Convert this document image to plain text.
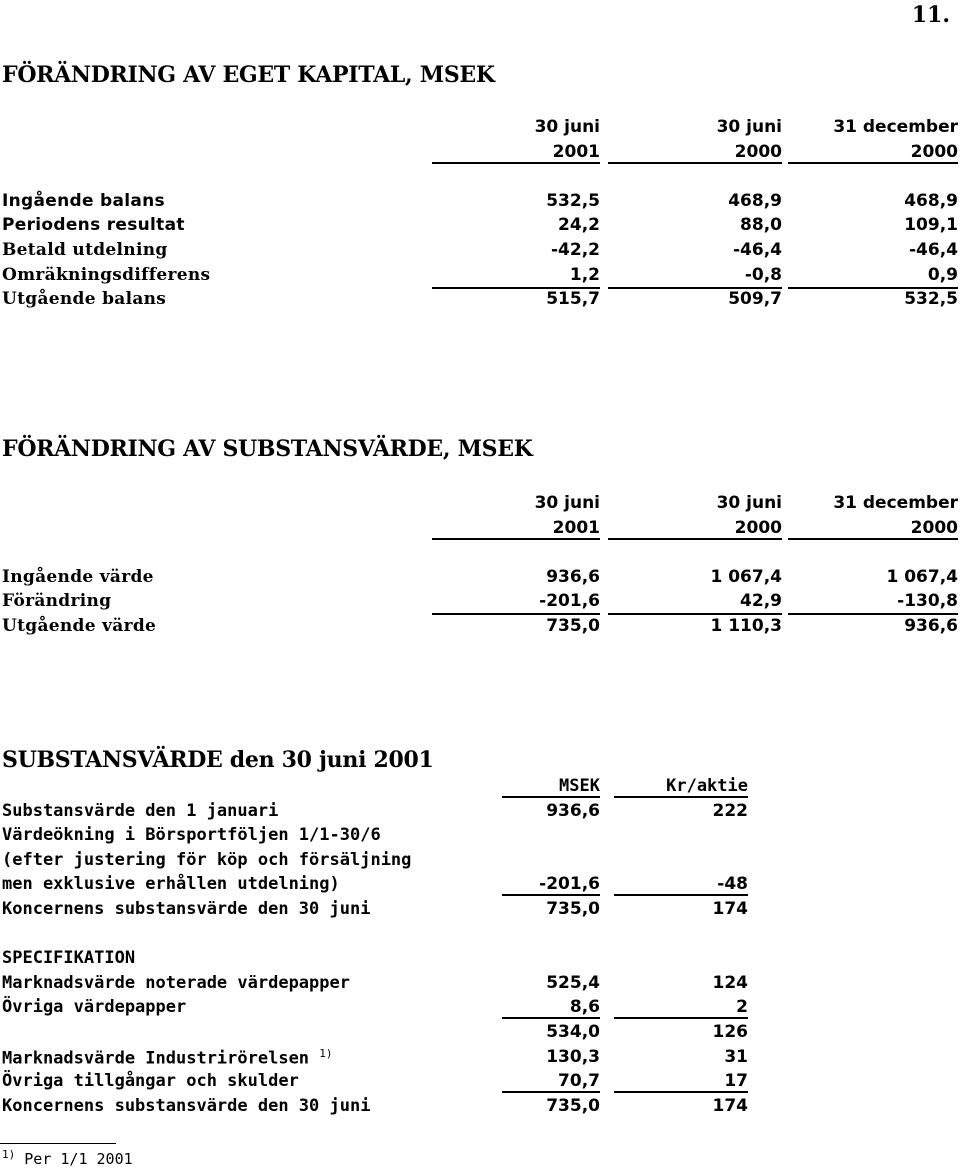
11.
FÖRÄNDRING AV EGET KAPITAL, MSEK
30 juni	30 juni	31 december
2001	2000	2000
Ingående balans	532,5	468,9	468,9
Periodens resultat	24,2	88,0	109,1
Betald utdelning	-42,2	-46,4	-46,4
Omräkningsdifferens	1,2	-0,8	0,9
Utgående balans	515,7	509,7	532,5
FÖRÄNDRING AV SUBSTANSVÄRDE, MSEK
30 juni	30 juni	31 december
2001	2000	2000
Ingående värde	936,6	1 067,4	1 067,4
Förändring	-201,6	42,9	-130,8
Utgående värde	735,0	1 110,3	936,6
SUBSTANSVÄRDE den 30 juni 2001
MSEK	Kr/aktie
Substansvärde den 1 januari	936,6	222
Värdeökning i Börsportföljen 1/1-30/6
(efter justering för köp och försäljning
men exklusive erhållen utdelning)	-201,6	-48
Koncernens substansvärde den 30 juni	735,0	174
SPECIFIKATION
Marknadsvärde noterade värdepapper	525,4	124
Övriga värdepapper	8,6	2
534,0	126
Marknadsvärde Industrirörelsen $^{1)}$	130,3	31
Övriga tillgångar och skulder	70,7	17
Koncernens substansvärde den 30 juni	735,0	174
$^{1)}$ Per 1/1 2001
